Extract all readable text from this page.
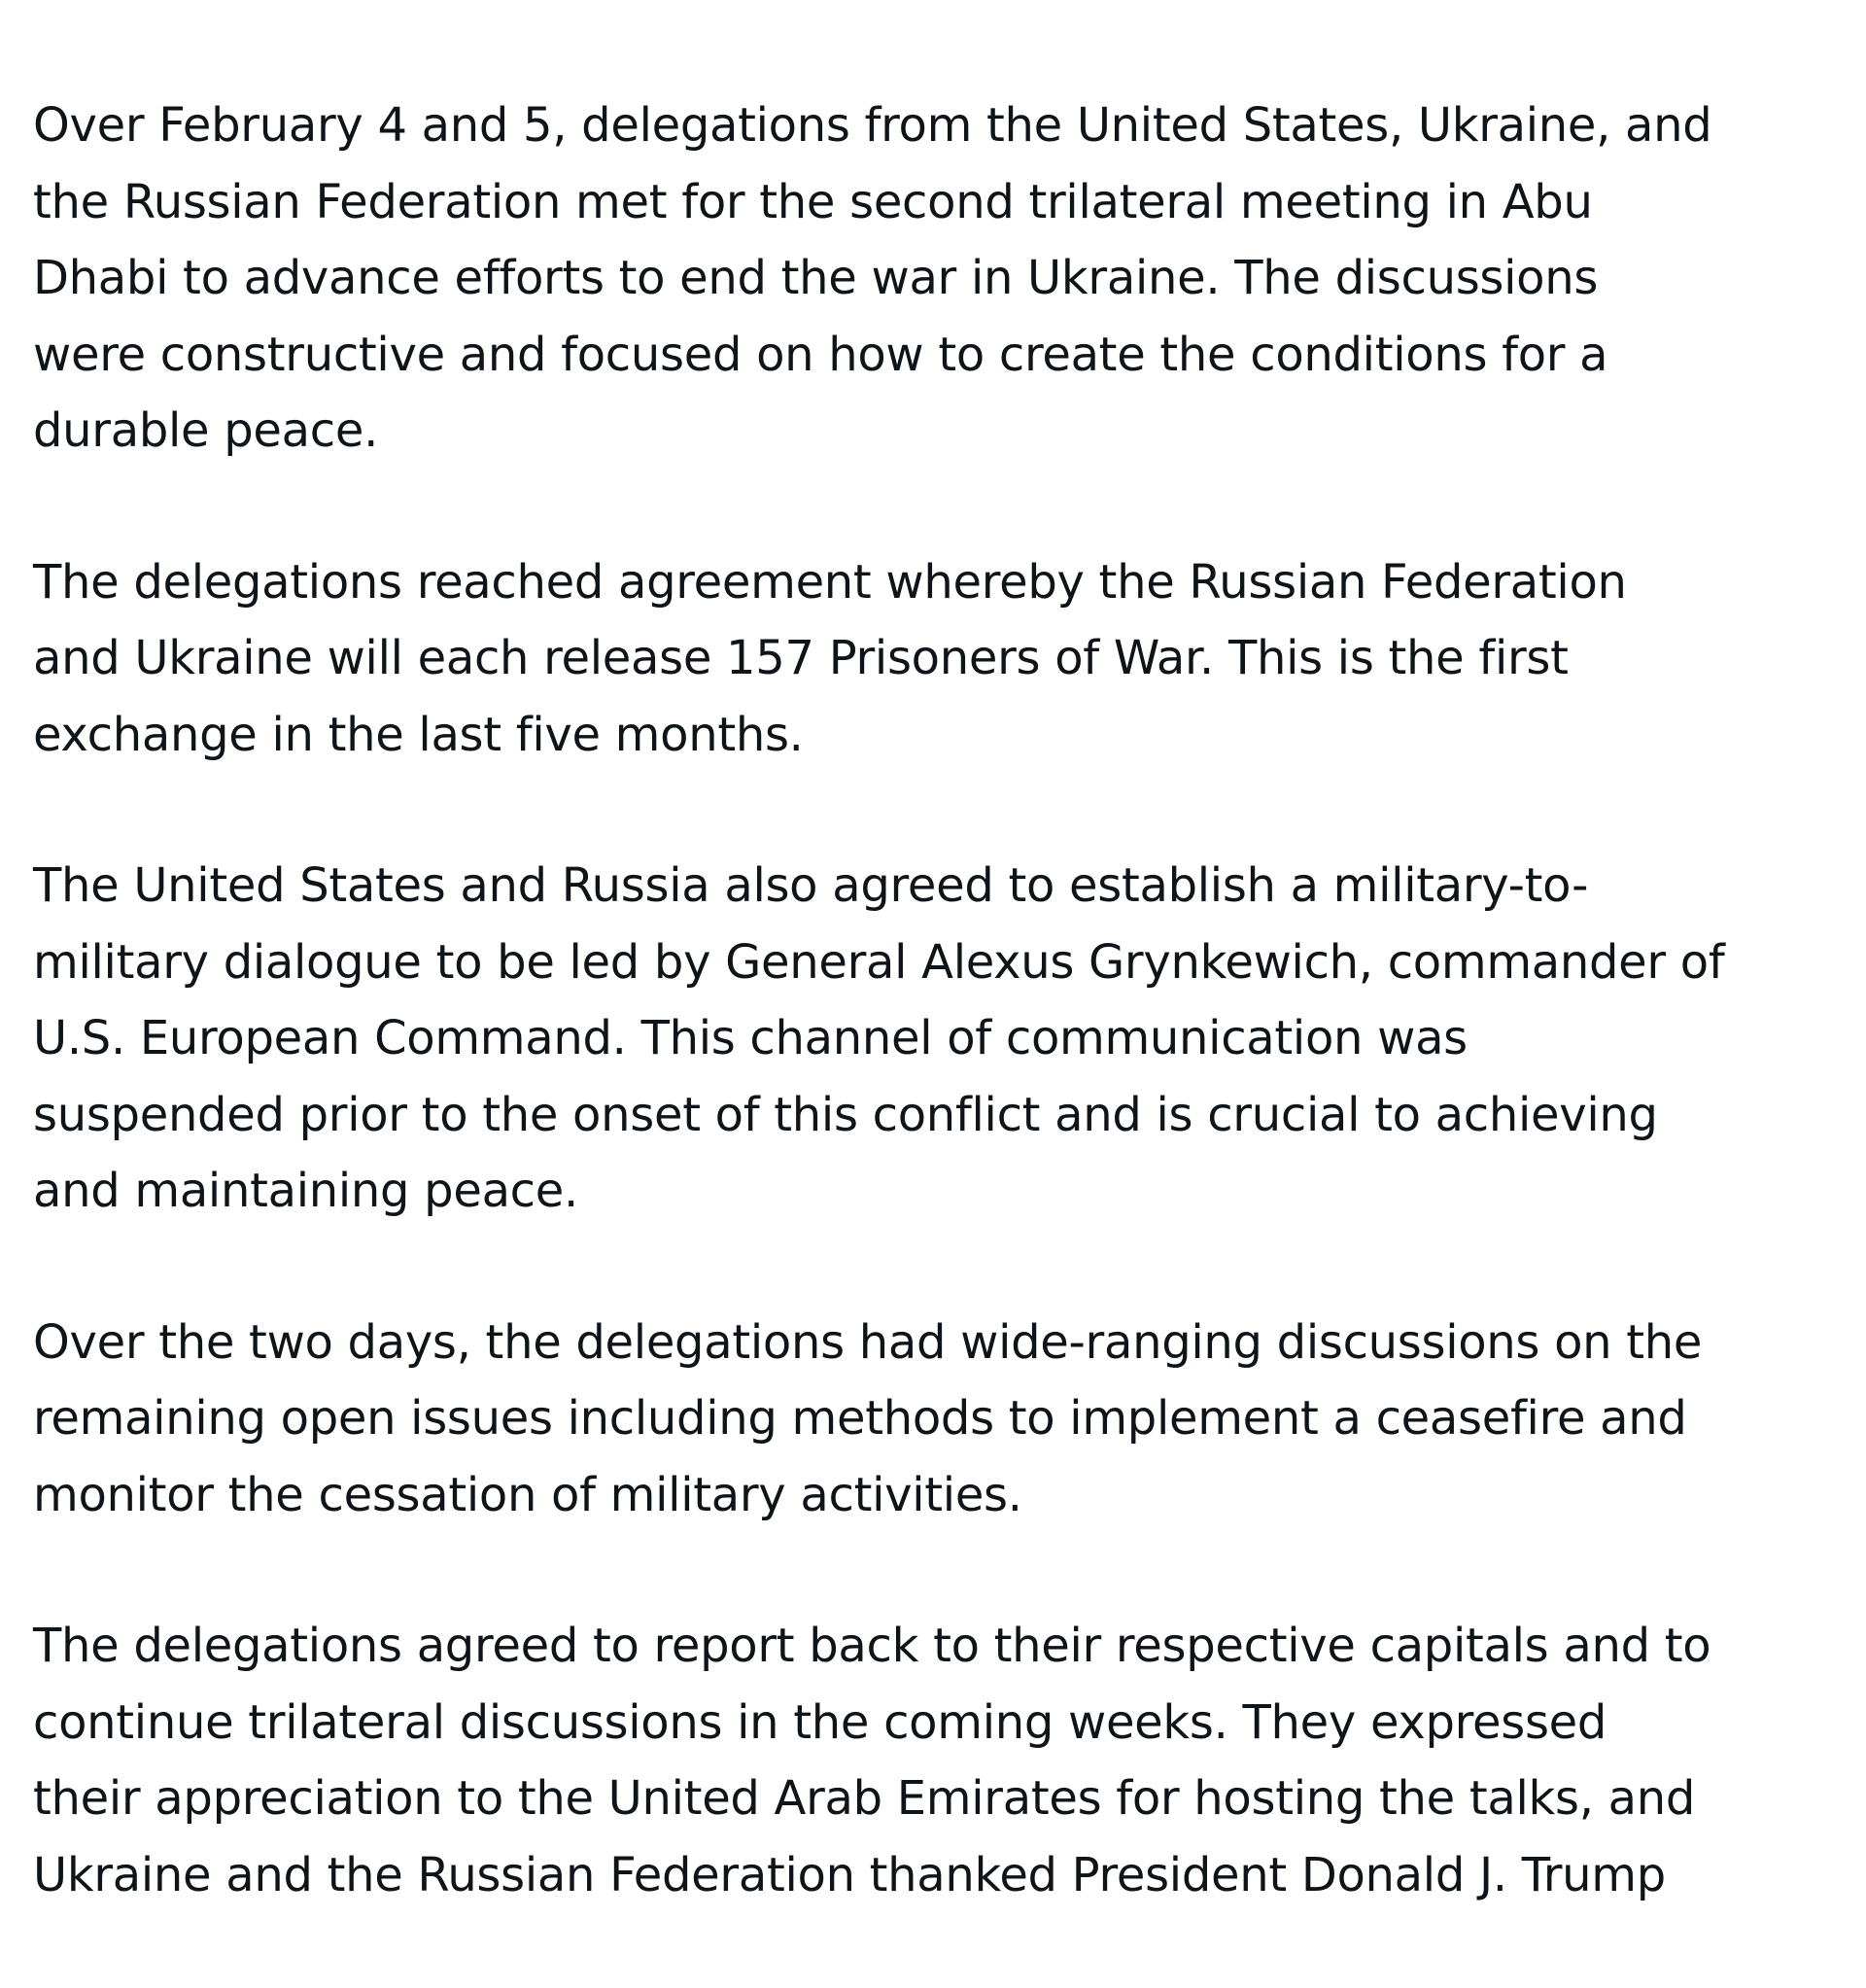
Over February 4 and 5, delegations from the United States, Ukraine, and
the Russian Federation met for the second trilateral meeting in Abu
Dhabi to advance efforts to end the war in Ukraine. The discussions
were constructive and focused on how to create the conditions for a
durable peace.

The delegations reached agreement whereby the Russian Federation
and Ukraine will each release 157 Prisoners of War. This is the first
exchange in the last five months.

The United States and Russia also agreed to establish a military-to-
military dialogue to be led by General Alexus Grynkewich, commander of
U.S. European Command. This channel of communication was
suspended prior to the onset of this conflict and is crucial to achieving
and maintaining peace.

Over the two days, the delegations had wide-ranging discussions on the
remaining open issues including methods to implement a ceasefire and
monitor the cessation of military activities.

The delegations agreed to report back to their respective capitals and to
continue trilateral discussions in the coming weeks. They expressed
their appreciation to the United Arab Emirates for hosting the talks, and
Ukraine and the Russian Federation thanked President Donald J. Trump
